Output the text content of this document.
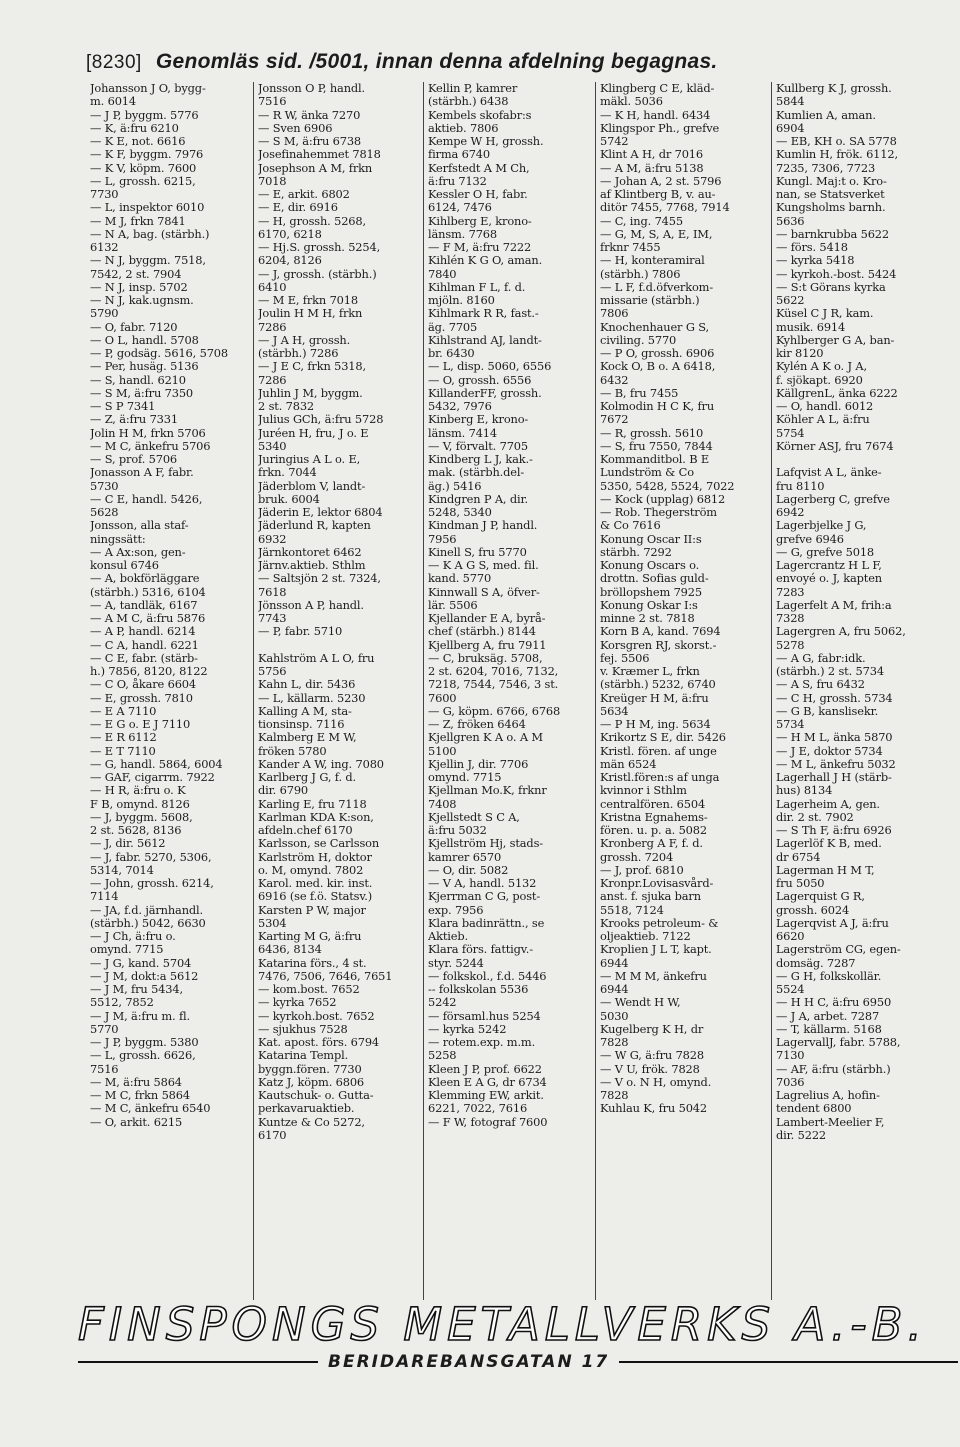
[8230] Genomläs sid. /5001, innan denna afdelning begagnas.
Johansson J O, bygg-
m. 6014
— J P, byggm. 5776
— K, ä:fru 6210
— K E, not. 6616
— K F, byggm. 7976
— K V, köpm. 7600
— L, grossh. 6215,
7730
— L, inspektor 6010
— M J, frkn 7841
— N A, bag. (stärbh.)
6132
— N J, byggm. 7518,
7542, 2 st. 7904
— N J, insp. 5702
— N J, kak.ugnsm.
5790
— O, fabr. 7120
— O L, handl. 5708
— P, godsäg. 5616, 5708
— Per, husäg. 5136
— S, handl. 6210
— S M, ä:fru 7350
— S P 7341
— Z, ä:fru 7331
Jolin H M, frkn 5706
— M C, änkefru 5706
— S, prof. 5706
Jonasson A F, fabr.
5730
— C E, handl. 5426,
5628
Jonsson, alla staf-
ningssätt:
— A Ax:son, gen-
konsul 6746
— A, bokförläggare
(stärbh.) 5316, 6104
— A, tandläk, 6167
— A M C, ä:fru 5876
— A P, handl. 6214
— C A, handl. 6221
— C E, fabr. (stärb-
h.) 7856, 8120, 8122
— C O, åkare 6604
— E, grossh. 7810
— E A 7110
— E G o. E J 7110
— E R 6112
— E T 7110
— G, handl. 5864, 6004
— GAF, cigarrm. 7922
— H R, ä:fru o. K
F B, omynd. 8126
— J, byggm. 5608,
2 st. 5628, 8136
— J, dir. 5612
— J, fabr. 5270, 5306,
5314, 7014
— John, grossh. 6214,
7114
— JA, f.d. järnhandl.
(stärbh.) 5042, 6630
— J Ch, ä:fru o.
omynd. 7715
— J G, kand. 5704
— J M, dokt:a 5612
— J M, fru 5434,
5512, 7852
— J M, ä:fru m. fl.
5770
— J P, byggm. 5380
— L, grossh. 6626,
7516
— M, ä:fru 5864
— M C, frkn 5864
— M C, änkefru 6540
— O, arkit. 6215
Jonsson O P, handl.
7516
— R W, änka 7270
— Sven 6906
— S M, ä:fru 6738
Josefinahemmet 7818
Josephson A M, frkn
7018
— E, arkit. 6802
— E, dir. 6916
— H, grossh. 5268,
6170, 6218
— Hj.S. grossh. 5254,
6204, 8126
— J, grossh. (stärbh.)
6410
— M E, frkn 7018
Joulin H M H, frkn
7286
— J A H, grossh.
(stärbh.) 7286
— J E C, frkn 5318,
7286
Juhlin J M, byggm.
2 st. 7832
Julius GCh, ä:fru 5728
Juréen H, fru, J o. E
5340
Juringius A L o. E,
frkn. 7044
Jäderblom V, landt-
bruk. 6004
Jäderin E, lektor 6804
Jäderlund R, kapten
6932
Järnkontoret 6462
Järnv.aktieb. Sthlm
— Saltsjön 2 st. 7324,
7618
Jönsson A P, handl.
7743
— P, fabr. 5710

Kahlström A L O, fru
5756
Kahn L, dir. 5436
— L, källarm. 5230
Kalling A M, sta-
tionsinsp. 7116
Kalmberg E M W,
fröken 5780
Kander A W, ing. 7080
Karlberg J G, f. d.
dir. 6790
Karling E, fru 7118
Karlman KDA K:son,
afdeln.chef 6170
Karlsson, se Carlsson
Karlström H, doktor
o. M, omynd. 7802
Karol. med. kir. inst.
6916 (se f.ö. Statsv.)
Karsten P W, major
5304
Karting M G, ä:fru
6436, 8134
Katarina förs., 4 st.
7476, 7506, 7646, 7651
— kom.bost. 7652
— kyrka 7652
— kyrkoh.bost. 7652
— sjukhus 7528
Kat. apost. förs. 6794
Katarina Templ.
byggn.fören. 7730
Katz J, köpm. 6806
Kautschuk- o. Gutta-
perkavaruaktieb.
Kuntze & Co 5272,
6170
Kellin P, kamrer
(stärbh.) 6438
Kembels skofabr:s
aktieb. 7806
Kempe W H, grossh.
firma 6740
Kerfstedt A M Ch,
ä:fru 7132
Kessler O H, fabr.
6124, 7476
Kihlberg E, krono-
länsm. 7768
— F M, ä:fru 7222
Kihlén K G O, aman.
7840
Kihlman F L, f. d.
mjöln. 8160
Kihlmark R R, fast.-
äg. 7705
Kihlstrand AJ, landt-
br. 6430
— L, disp. 5060, 6556
— O, grossh. 6556
KillanderFF, grossh.
5432, 7976
Kinberg E, krono-
länsm. 7414
— V, förvalt. 7705
Kindberg L J, kak.-
mak. (stärbh.del-
äg.) 5416
Kindgren P A, dir.
5248, 5340
Kindman J P, handl.
7956
Kinell S, fru 5770
— K A G S, med. fil.
kand. 5770
Kinnwall S A, öfver-
lär. 5506
Kjellander E A, byrå-
chef (stärbh.) 8144
Kjellberg A, fru 7911
— C, bruksäg. 5708,
2 st. 6204, 7016, 7132,
7218, 7544, 7546, 3 st.
7600
— G, köpm. 6766, 6768
— Z, fröken 6464
Kjellgren K A o. A M
5100
Kjellin J, dir. 7706
omynd. 7715
Kjellman Mo.K, frknr
7408
Kjellstedt S C A,
ä:fru 5032
Kjellström Hj, stads-
kamrer 6570
— O, dir. 5082
— V A, handl. 5132
Kjerrman C G, post-
exp. 7956
Klara badinrättn., se
Aktieb.
Klara förs. fattigv.-
styr. 5244
— folkskol., f.d. 5446
-- folkskolan 5536
5242
— församl.hus 5254
— kyrka 5242
— rotem.exp. m.m.
5258
Kleen J P, prof. 6622
Kleen E A G, dr 6734
Klemming EW, arkit.
6221, 7022, 7616
— F W, fotograf 7600
Klingberg C E, kläd-
mäkl. 5036
— K H, handl. 6434
Klingspor Ph., grefve
5742
Klint A H, dr 7016
— A M, ä:fru 5138
— Johan A, 2 st. 5796
af Klintberg B, v. au-
ditör 7455, 7768, 7914
— C, ing. 7455
— G, M, S, A, E, IM,
frknr 7455
— H, konteramiral
(stärbh.) 7806
— L F, f.d.öfverkom-
missarie (stärbh.)
7806
Knochenhauer G S,
civiling. 5770
— P O, grossh. 6906
Kock O, B o. A 6418,
6432
— B, fru 7455
Kolmodin H C K, fru
7672
— R, grossh. 5610
— S, fru 7550, 7844
Kommanditbol. B E
Lundström & Co
5350, 5428, 5524, 7022
— Kock (upplag) 6812
— Rob. Thegerström
& Co 7616
Konung Oscar II:s
stärbh. 7292
Konung Oscars o.
drottn. Sofias guld-
bröllopshem 7925
Konung Oskar I:s
minne 2 st. 7818
Korn B A, kand. 7694
Korsgren RJ, skorst.-
fej. 5506
v. Kræmer L, frkn
(stärbh.) 5232, 6740
Kreüger H M, ä:fru
5634
— P H M, ing. 5634
Krikortz S E, dir. 5426
Kristl. fören. af unge
män 6524
Kristl.fören:s af unga
kvinnor i Sthlm
centralfören. 6504
Kristna Egnahems-
fören. u. p. a. 5082
Kronberg A F, f. d.
grossh. 7204
— J, prof. 6810
Kronpr.Lovisasvård-
anst. f. sjuka barn
5518, 7124
Krooks petroleum- &
oljeaktieb. 7122
Kroplien J L T, kapt.
6944
— M M M, änkefru
6944
— Wendt H W,
5030
Kugelberg K H, dr
7828
— W G, ä:fru 7828
— V U, frök. 7828
— V o. N H, omynd.
7828
Kuhlau K, fru 5042
Kullberg K J, grossh.
5844
Kumlien A, aman.
6904
— EB, KH o. SA 5778
Kumlin H, frök. 6112,
7235, 7306, 7723
Kungl. Maj:t o. Kro-
nan, se Statsverket
Kungsholms barnh.
5636
— barnkrubba 5622
— förs. 5418
— kyrka 5418
— kyrkoh.-bost. 5424
— S:t Görans kyrka
5622
Küsel C J R, kam.
musik. 6914
Kyhlberger G A, ban-
kir 8120
Kylén A K o. J A,
f. sjökapt. 6920
KällgrenL, änka 6222
— O, handl. 6012
Köhler A L, ä:fru
5754
Körner ASJ, fru 7674

Lafqvist A L, änke-
fru 8110
Lagerberg C, grefve
6942
Lagerbjelke J G,
grefve 6946
— G, grefve 5018
Lagercrantz H L F,
envoyé o. J, kapten
7283
Lagerfelt A M, frih:a
7328
Lagergren A, fru 5062,
5278
— A G, fabr:idk.
(stärbh.) 2 st. 5734
— A S, fru 6432
— C H, grossh. 5734
— G B, kanslisekr.
5734
— H M L, änka 5870
— J E, doktor 5734
— M L, änkefru 5032
Lagerhall J H (stärb-
hus) 8134
Lagerheim A, gen.
dir. 2 st. 7902
— S Th F, ä:fru 6926
Lagerlöf K B, med.
dr 6754
Lagerman H M T,
fru 5050
Lagerquist G R,
grossh. 6024
Lagerqvist A J, ä:fru
6620
Lagerström CG, egen-
domsäg. 7287
— G H, folkskollär.
5524
— H H C, ä:fru 6950
— J A, arbet. 7287
— T, källarm. 5168
LagervallJ, fabr. 5788,
7130
— AF, ä:fru (stärbh.)
7036
Lagrelius A, hofin-
tendent 6800
Lambert-Meelier F,
dir. 5222
FINSPONGS METALLVERKS A.-B.
BERIDAREBANSGATAN 17
